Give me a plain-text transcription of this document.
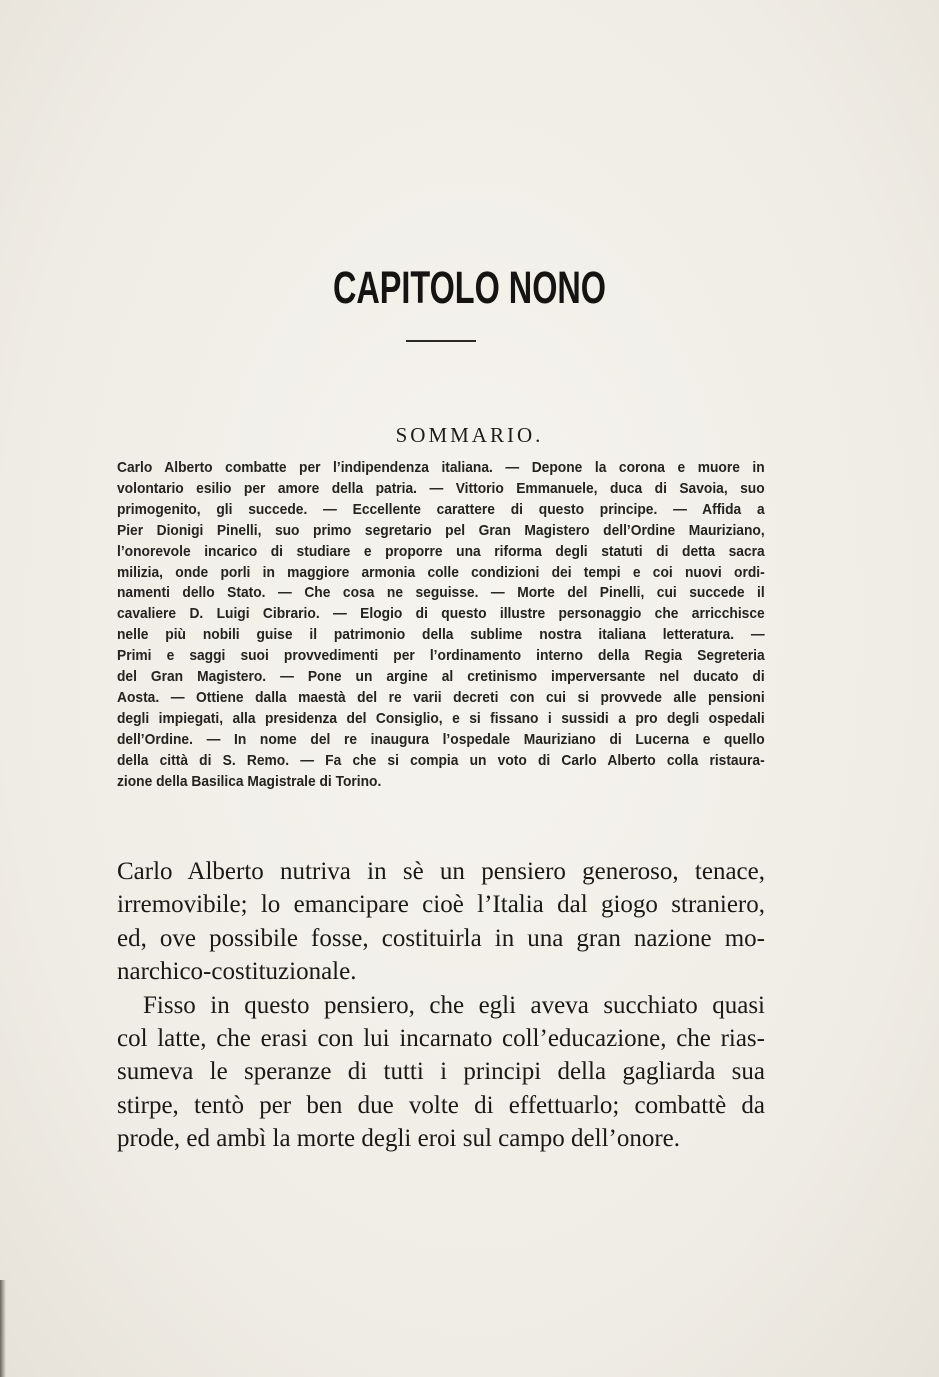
CAPITOLO NONO
SOMMARIO.
Carlo Alberto combatte per l’indipendenza italiana. — Depone la corona e muore in
volontario esilio per amore della patria. — Vittorio Emmanuele, duca di Savoia, suo
primogenito, gli succede. — Eccellente carattere di questo principe. — Affida a
Pier Dionigi Pinelli, suo primo segretario pel Gran Magistero dell’Ordine Mauriziano,
l’onorevole incarico di studiare e proporre una riforma degli statuti di detta sacra
milizia, onde porli in maggiore armonia colle condizioni dei tempi e coi nuovi ordi-
namenti dello Stato. — Che cosa ne seguisse. — Morte del Pinelli, cui succede il
cavaliere D. Luigi Cibrario. — Elogio di questo illustre personaggio che arricchisce
nelle più nobili guise il patrimonio della sublime nostra italiana letteratura. —
Primi e saggi suoi provvedimenti per l’ordinamento interno della Regia Segreteria
del Gran Magistero. — Pone un argine al cretinismo imperversante nel ducato di
Aosta. — Ottiene dalla maestà del re varii decreti con cui si provvede alle pensioni
degli impiegati, alla presidenza del Consiglio, e si fissano i sussidi a pro degli ospedali
dell’Ordine. — In nome del re inaugura l’ospedale Mauriziano di Lucerna e quello
della città di S. Remo. — Fa che si compia un voto di Carlo Alberto colla ristaura-
zione della Basilica Magistrale di Torino.
Carlo Alberto nutriva in sè un pensiero generoso, tenace,
irremovibile; lo emancipare cioè l’Italia dal giogo straniero,
ed, ove possibile fosse, costituirla in una gran nazione mo-
narchico-costituzionale.
Fisso in questo pensiero, che egli aveva succhiato quasi
col latte, che erasi con lui incarnato coll’educazione, che rias-
sumeva le speranze di tutti i principi della gagliarda sua
stirpe, tentò per ben due volte di effettuarlo; combattè da
prode, ed ambì la morte degli eroi sul campo dell’onore.
